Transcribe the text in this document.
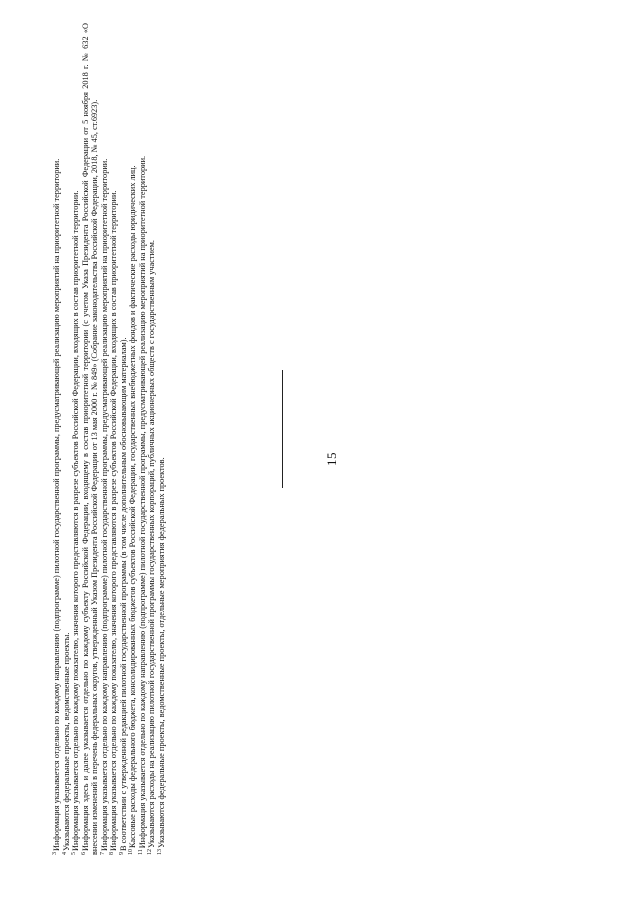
15

$^3$Информация указывается отдельно по каждому направлению (подпрограмме) пилотной государственной программы, предусматривающей реализацию мероприятий на приоритетной территории.

$^4$Указываются федеральные проекты, ведомственные проекты.

$^5$Информация указывается отдельно по каждому показателю, значения которого представляются в разрезе субъектов Российской Федерации, входящих в состав приоритетной территории.

$^6$Информация здесь и далее указывается отдельно по каждому субъекту Российской Федерации, входящему в состав приоритетной территории (с учетом Указа Президента Российской Федерации от 5 ноября 2018 г. № 632 «О внесении изменений в перечень федеральных округов, утвержденный Указом Президента Российской Федерации от 13 мая 2000 г. № 849» (Собрание законодательства Российской Федерации, 2018, № 45, ст.6923). $^7$Информация указывается отдельно по каждому направлению (подпрограмме) пилотной государственной программы, предусматривающей реализацию мероприятий на приоритетной территории.

$^8$Информация указывается отдельно по каждому показателю, значения которого представляются в разрезе субъектов Российской Федерации, входящих в состав приоритетной территории.

$^9$В соответствии с утвержденной редакцией пилотной государственной программы (в том числе дополнительным обосновывающим материалам).

$^{10}$Кассовые расходы федерального бюджета, консолидированных бюджетов субъектов Российской Федерации, государственных внебюджетных фондов и фактические расходы юридических лиц.

$^{11}$Информация указывается отдельно по каждому направлению (подпрограмме) пилотной государственной программы, предусматривающей реализацию мероприятий на приоритетной территории.

$^{12}$Указываются расходы на реализацию пилотной государственной программы государственных корпораций, публичных акционерных обществ с государственным участием.

$^{13}$Указываются федеральные проекты, ведомственные проекты, отдельные мероприятия федеральных проектов.
